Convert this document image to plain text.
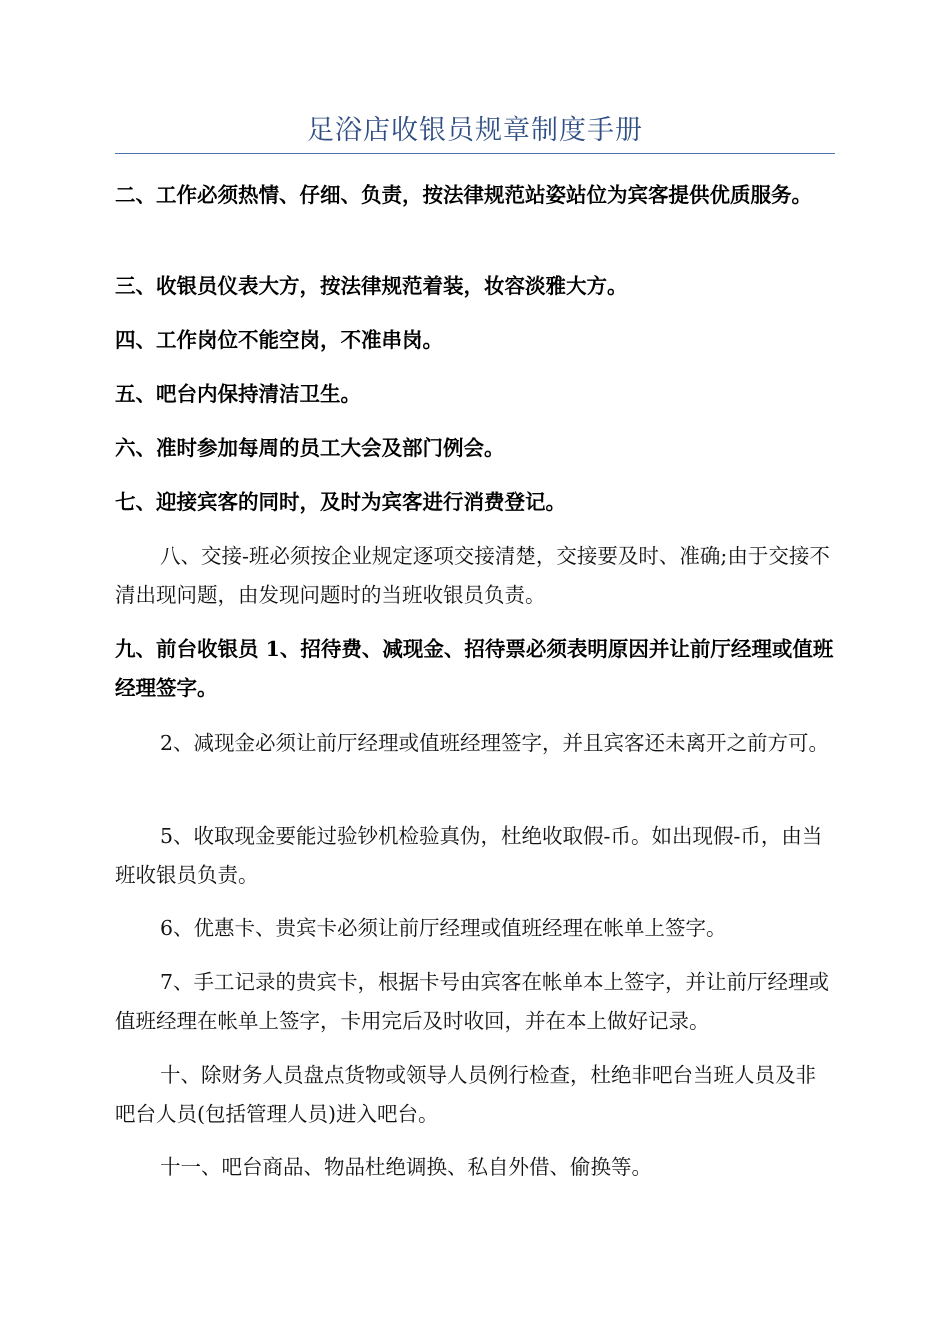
足浴店收银员规章制度手册

二、工作必须热情、仔细、负责，按法律规范站姿站位为宾客提供优质服务。

三、收银员仪表大方，按法律规范着装，妆容淡雅大方。

四、工作岗位不能空岗，不准串岗。

五、吧台内保持清洁卫生。

六、准时参加每周的员工大会及部门例会。

七、迎接宾客的同时，及时为宾客进行消费登记。

八、交接-班必须按企业规定逐项交接清楚，交接要及时、准确;由于交接不清出现问题，由发现问题时的当班收银员负责。

九、前台收银员 1、招待费、减现金、招待票必须表明原因并让前厅经理或值班经理签字。

2、减现金必须让前厅经理或值班经理签字，并且宾客还未离开之前方可。

5、收取现金要能过验钞机检验真伪，杜绝收取假-币。如出现假-币，由当班收银员负责。

6、优惠卡、贵宾卡必须让前厅经理或值班经理在帐单上签字。

7、手工记录的贵宾卡，根据卡号由宾客在帐单本上签字，并让前厅经理或值班经理在帐单上签字，卡用完后及时收回，并在本上做好记录。

十、除财务人员盘点货物或领导人员例行检查，杜绝非吧台当班人员及非吧台人员(包括管理人员)进入吧台。

十一、吧台商品、物品杜绝调换、私自外借、偷换等。
